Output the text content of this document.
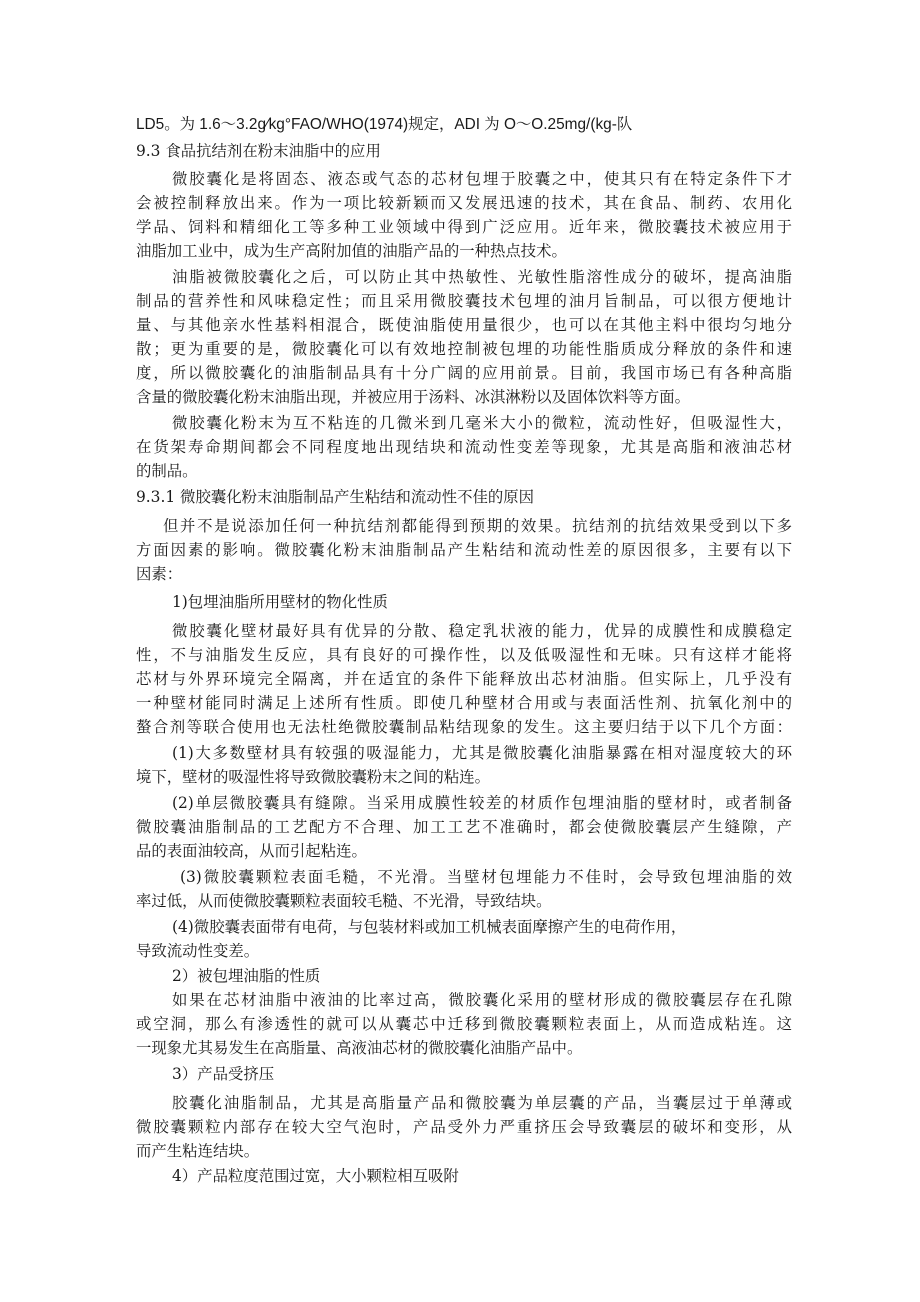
LD5。为 1.6～3.2g⁄kg°FAO/WHO(1974)规定，ADI 为 O～O.25mg/(kg-队
9.3 食品抗结剂在粉末油脂中的应用
微胶囊化是将固态、液态或气态的芯材包埋于胶囊之中，使其只有在特定条件下才
会被控制释放出来。作为一项比较新颖而又发展迅速的技术，其在食品、制药、农用化
学品、饲料和精细化工等多种工业领域中得到广泛应用。近年来，微胶囊技术被应用于
油脂加工业中，成为生产高附加值的油脂产品的一种热点技术。
油脂被微胶囊化之后，可以防止其中热敏性、光敏性脂溶性成分的破坏，提高油脂
制品的营养性和风味稳定性；而且采用微胶囊技术包埋的油月旨制品，可以很方便地计
量、与其他亲水性基料相混合，既使油脂使用量很少，也可以在其他主料中很均匀地分
散；更为重要的是，微胶囊化可以有效地控制被包埋的功能性脂质成分释放的条件和速
度，所以微胶囊化的油脂制品具有十分广阔的应用前景。目前，我国市场已有各种高脂
含量的微胶囊化粉末油脂出现，并被应用于汤料、冰淇淋粉以及固体饮料等方面。
微胶囊化粉末为互不粘连的几微米到几毫米大小的微粒，流动性好，但吸湿性大，
在货架寿命期间都会不同程度地出现结块和流动性变差等现象，尤其是高脂和液油芯材
的制品。
9.3.1 微胶囊化粉末油脂制品产生粘结和流动性不佳的原因
但并不是说添加任何一种抗结剂都能得到预期的效果。抗结剂的抗结效果受到以下多
方面因素的影响。微胶囊化粉末油脂制品产生粘结和流动性差的原因很多，主要有以下
因素：
1)包埋油脂所用壁材的物化性质
微胶囊化壁材最好具有优异的分散、稳定乳状液的能力，优异的成膜性和成膜稳定
性，不与油脂发生反应，具有良好的可操作性，以及低吸湿性和无味。只有这样才能将
芯材与外界环境完全隔离，并在适宜的条件下能释放出芯材油脂。但实际上，几乎没有
一种壁材能同时满足上述所有性质。即使几种壁材合用或与表面活性剂、抗氧化剂中的
螯合剂等联合使用也无法杜绝微胶囊制品粘结现象的发生。这主要归结于以下几个方面：
(1)大多数壁材具有较强的吸湿能力，尤其是微胶囊化油脂暴露在相对湿度较大的环
境下，壁材的吸湿性将导致微胶囊粉末之间的粘连。
(2)单层微胶囊具有缝隙。当采用成膜性较差的材质作包埋油脂的壁材时，或者制备
微胶囊油脂制品的工艺配方不合理、加工工艺不准确时，都会使微胶囊层产生缝隙，产
品的表面油较高，从而引起粘连。
(3)微胶囊颗粒表面毛糙，不光滑。当壁材包埋能力不佳时，会导致包埋油脂的效
率过低，从而使微胶囊颗粒表面较毛糙、不光滑，导致结块。
(4)微胶囊表面带有电荷，与包装材料或加工机械表面摩擦产生的电荷作用，
导致流动性变差。
2）被包埋油脂的性质
如果在芯材油脂中液油的比率过高，微胶囊化采用的壁材形成的微胶囊层存在孔隙
或空洞，那么有渗透性的就可以从囊芯中迁移到微胶囊颗粒表面上，从而造成粘连。这
一现象尤其易发生在高脂量、高液油芯材的微胶囊化油脂产品中。
3）产品受挤压
胶囊化油脂制品，尤其是高脂量产品和微胶囊为单层囊的产品，当囊层过于单薄或
微胶囊颗粒内部存在较大空气泡时，产品受外力严重挤压会导致囊层的破坏和变形，从
而产生粘连结块。
4）产品粒度范围过宽，大小颗粒相互吸附
